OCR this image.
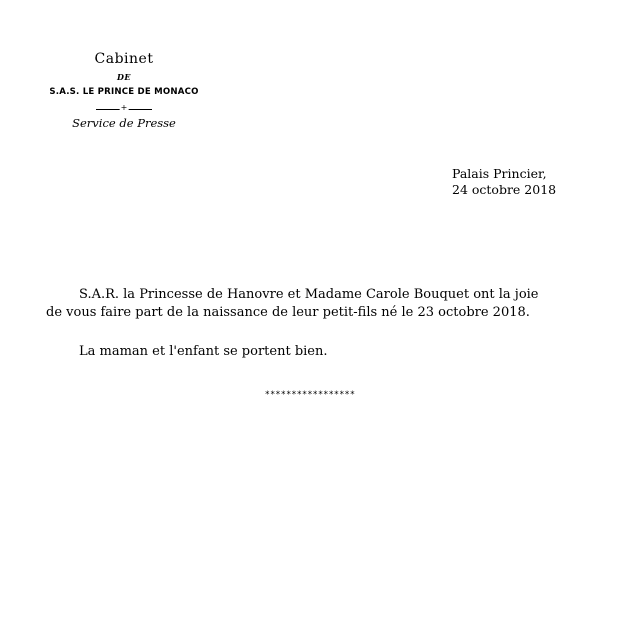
Cabinet
DE
S.A.S. LE PRINCE DE MONACO
+
Service de Presse
Palais Princier,
24 octobre 2018
S.A.R. la Princesse de Hanovre et Madame Carole Bouquet ont la joie
de vous faire part de la naissance de leur petit-fils né le 23 octobre 2018.
La maman et l'enfant se portent bien.
*****************
